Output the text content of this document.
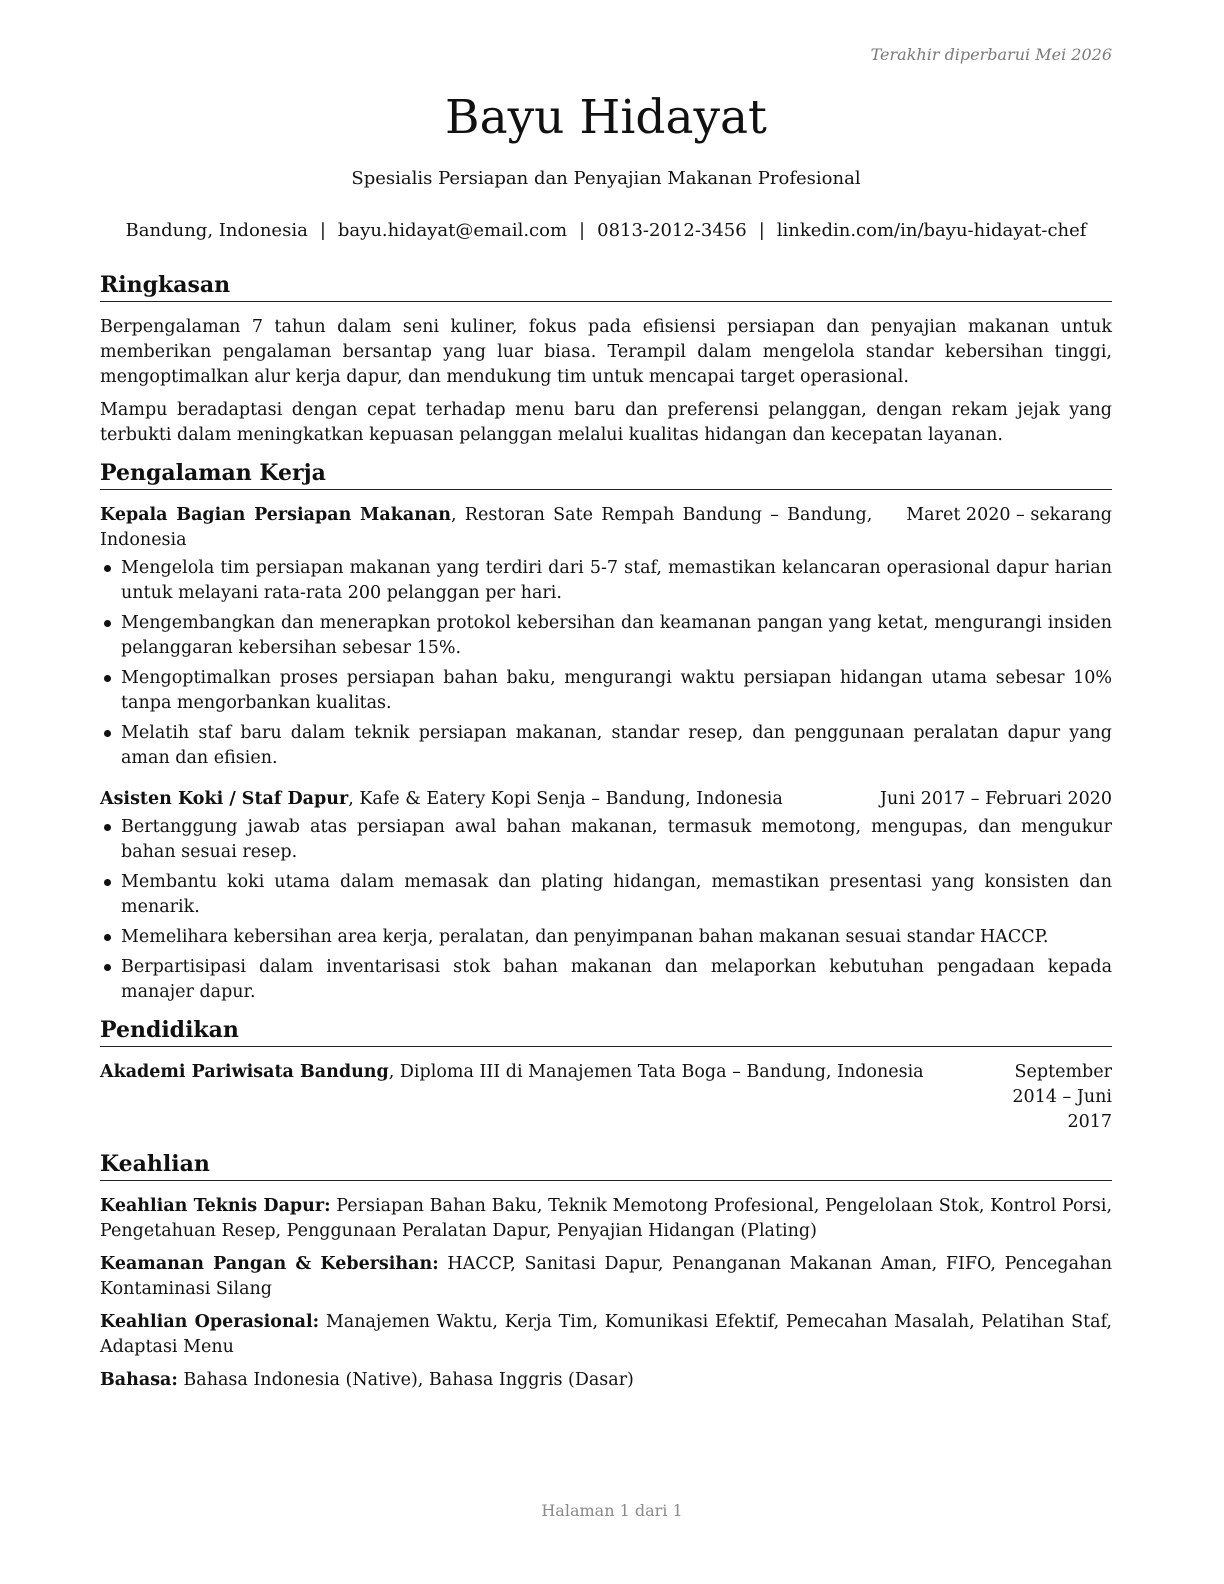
Terakhir diperbarui Mei 2026
Bayu Hidayat
Spesialis Persiapan dan Penyajian Makanan Profesional
Bandung, Indonesia | bayu.hidayat@email.com | 0813-2012-3456 | linkedin.com/in/bayu-hidayat-chef
Ringkasan

Berpengalaman 7 tahun dalam seni kuliner, fokus pada efisiensi persiapan dan penyajian makanan untuk memberikan pengalaman bersantap yang luar biasa. Terampil dalam mengelola standar kebersihan tinggi, mengoptimalkan alur kerja dapur, dan mendukung tim untuk mencapai target operasional.

Mampu beradaptasi dengan cepat terhadap menu baru dan preferensi pelanggan, dengan rekam jejak yang terbukti dalam meningkatkan kepuasan pelanggan melalui kualitas hidangan dan kecepatan layanan.

Pengalaman Kerja
Kepala Bagian Persiapan Makanan, Restoran Sate Rempah Bandung – Bandung, Indonesia
Maret 2020 – sekarang
Mengelola tim persiapan makanan yang terdiri dari 5-7 staf, memastikan kelancaran operasional dapur harian untuk melayani rata-rata 200 pelanggan per hari.
Mengembangkan dan menerapkan protokol kebersihan dan keamanan pangan yang ketat, mengurangi insiden pelanggaran kebersihan sebesar 15%.
Mengoptimalkan proses persiapan bahan baku, mengurangi waktu persiapan hidangan utama sebesar 10% tanpa mengorbankan kualitas.
Melatih staf baru dalam teknik persiapan makanan, standar resep, dan penggunaan peralatan dapur yang aman dan efisien.
Asisten Koki / Staf Dapur, Kafe & Eatery Kopi Senja – Bandung, Indonesia	Juni 2017 – Februari 2020
Bertanggung jawab atas persiapan awal bahan makanan, termasuk memotong, mengupas, dan mengukur bahan sesuai resep.
Membantu koki utama dalam memasak dan plating hidangan, memastikan presentasi yang konsisten dan menarik.
Memelihara kebersihan area kerja, peralatan, dan penyimpanan bahan makanan sesuai standar HACCP.
Berpartisipasi dalam inventarisasi stok bahan makanan dan melaporkan kebutuhan pengadaan kepada manajer dapur.
Pendidikan
Akademi Pariwisata Bandung, Diploma III di Manajemen Tata Boga – Bandung, Indonesia	September 2014 – Juni 2017
Keahlian

Keahlian Teknis Dapur: Persiapan Bahan Baku, Teknik Memotong Profesional, Pengelolaan Stok, Kontrol Porsi, Pengetahuan Resep, Penggunaan Peralatan Dapur, Penyajian Hidangan (Plating)

Keamanan Pangan & Kebersihan: HACCP, Sanitasi Dapur, Penanganan Makanan Aman, FIFO, Pencegahan Kontaminasi Silang

Keahlian Operasional: Manajemen Waktu, Kerja Tim, Komunikasi Efektif, Pemecahan Masalah, Pelatihan Staf, Adaptasi Menu

Bahasa: Bahasa Indonesia (Native), Bahasa Inggris (Dasar)

Halaman 1 dari 1
